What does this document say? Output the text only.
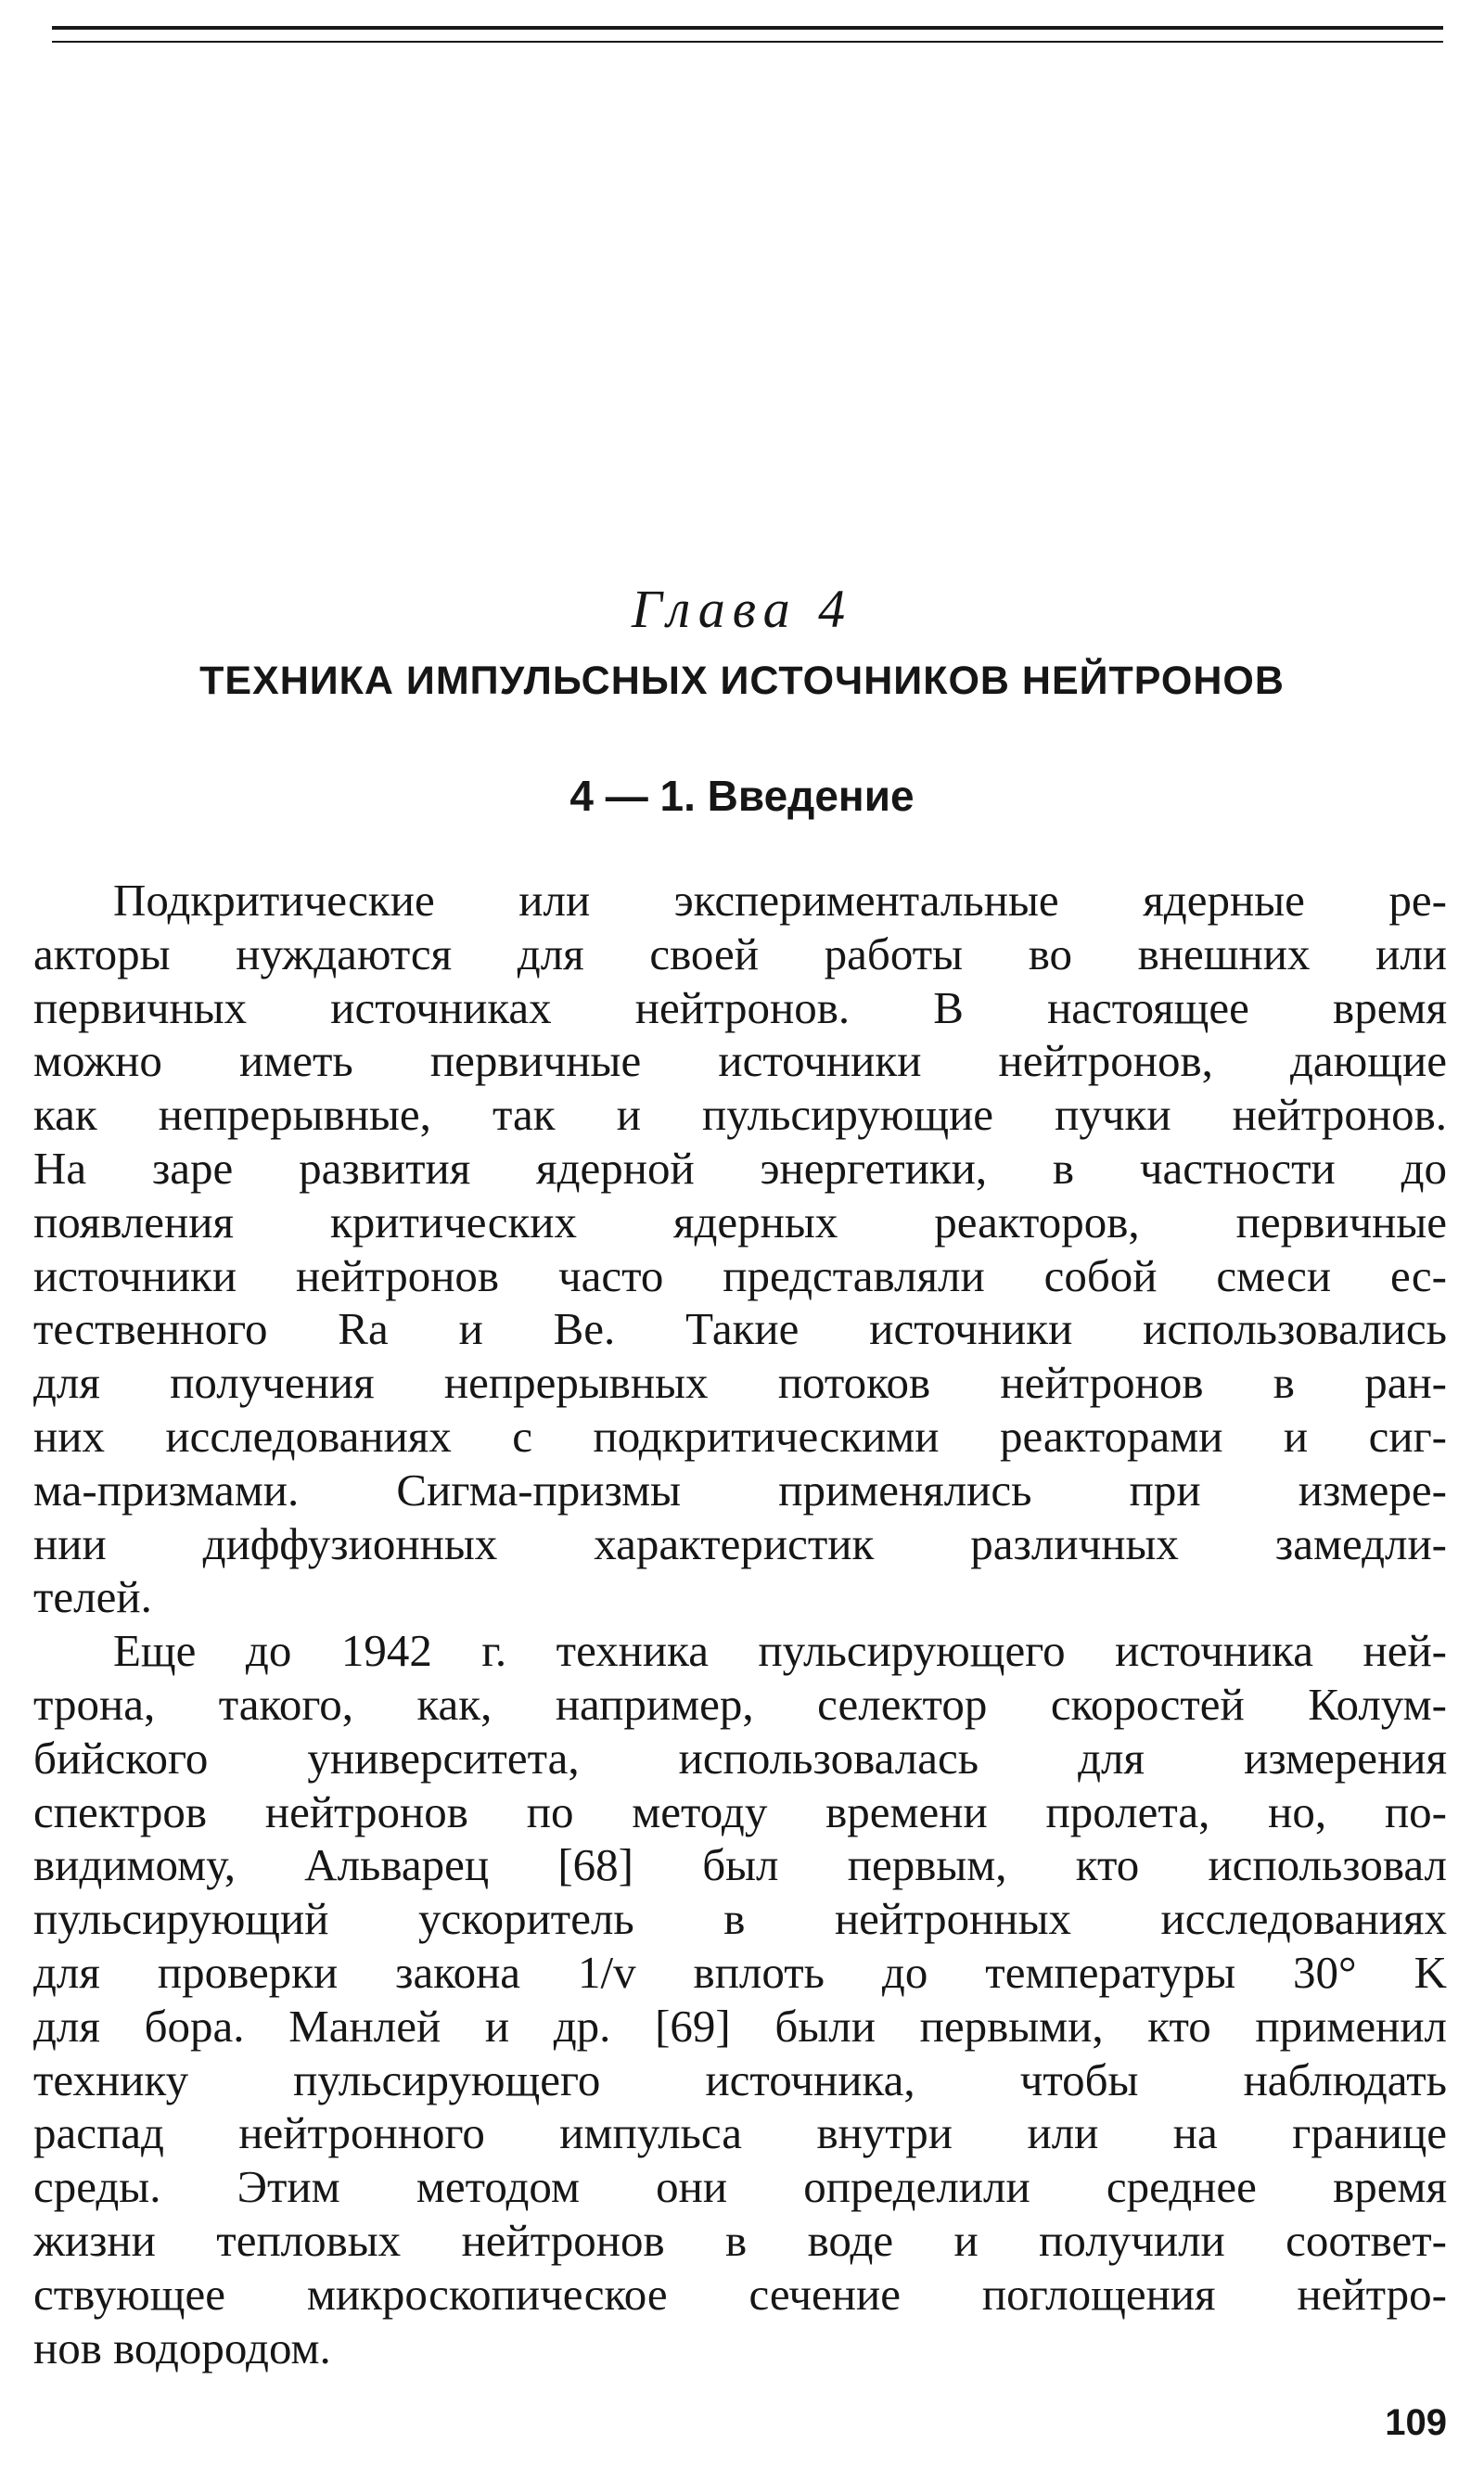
Глава 4
ТЕХНИКА ИМПУЛЬСНЫХ ИСТОЧНИКОВ НЕЙТРОНОВ
4 — 1. Введение
Подкритические или экспериментальные ядерные ре-
акторы нуждаются для своей работы во внешних или
первичных источниках нейтронов. В настоящее время
можно иметь первичные источники нейтронов, дающие
как непрерывные, так и пульсирующие пучки нейтронов.
На заре развития ядерной энергетики, в частности до
появления критических ядерных реакторов, первичные
источники нейтронов часто представляли собой смеси ес-
тественного Ra и Be. Такие источники использовались
для получения непрерывных потоков нейтронов в ран-
них исследованиях с подкритическими реакторами и сиг-
ма-призмами. Сигма-призмы применялись при измере-
нии диффузионных характеристик различных замедли-
телей.
Еще до 1942 г. техника пульсирующего источника ней-
трона, такого, как, например, селектор скоростей Колум-
бийского университета, использовалась для измерения
спектров нейтронов по методу времени пролета, но, по-
видимому, Альварец [68] был первым, кто использовал
пульсирующий ускоритель в нейтронных исследованиях
для проверки закона 1/v вплоть до температуры 30° K
для бора. Манлей и др. [69] были первыми, кто применил
технику пульсирующего источника, чтобы наблюдать
распад нейтронного импульса внутри или на границе
среды. Этим методом они определили среднее время
жизни тепловых нейтронов в воде и получили соответ-
ствующее микроскопическое сечение поглощения нейтро-
нов водородом.
109
